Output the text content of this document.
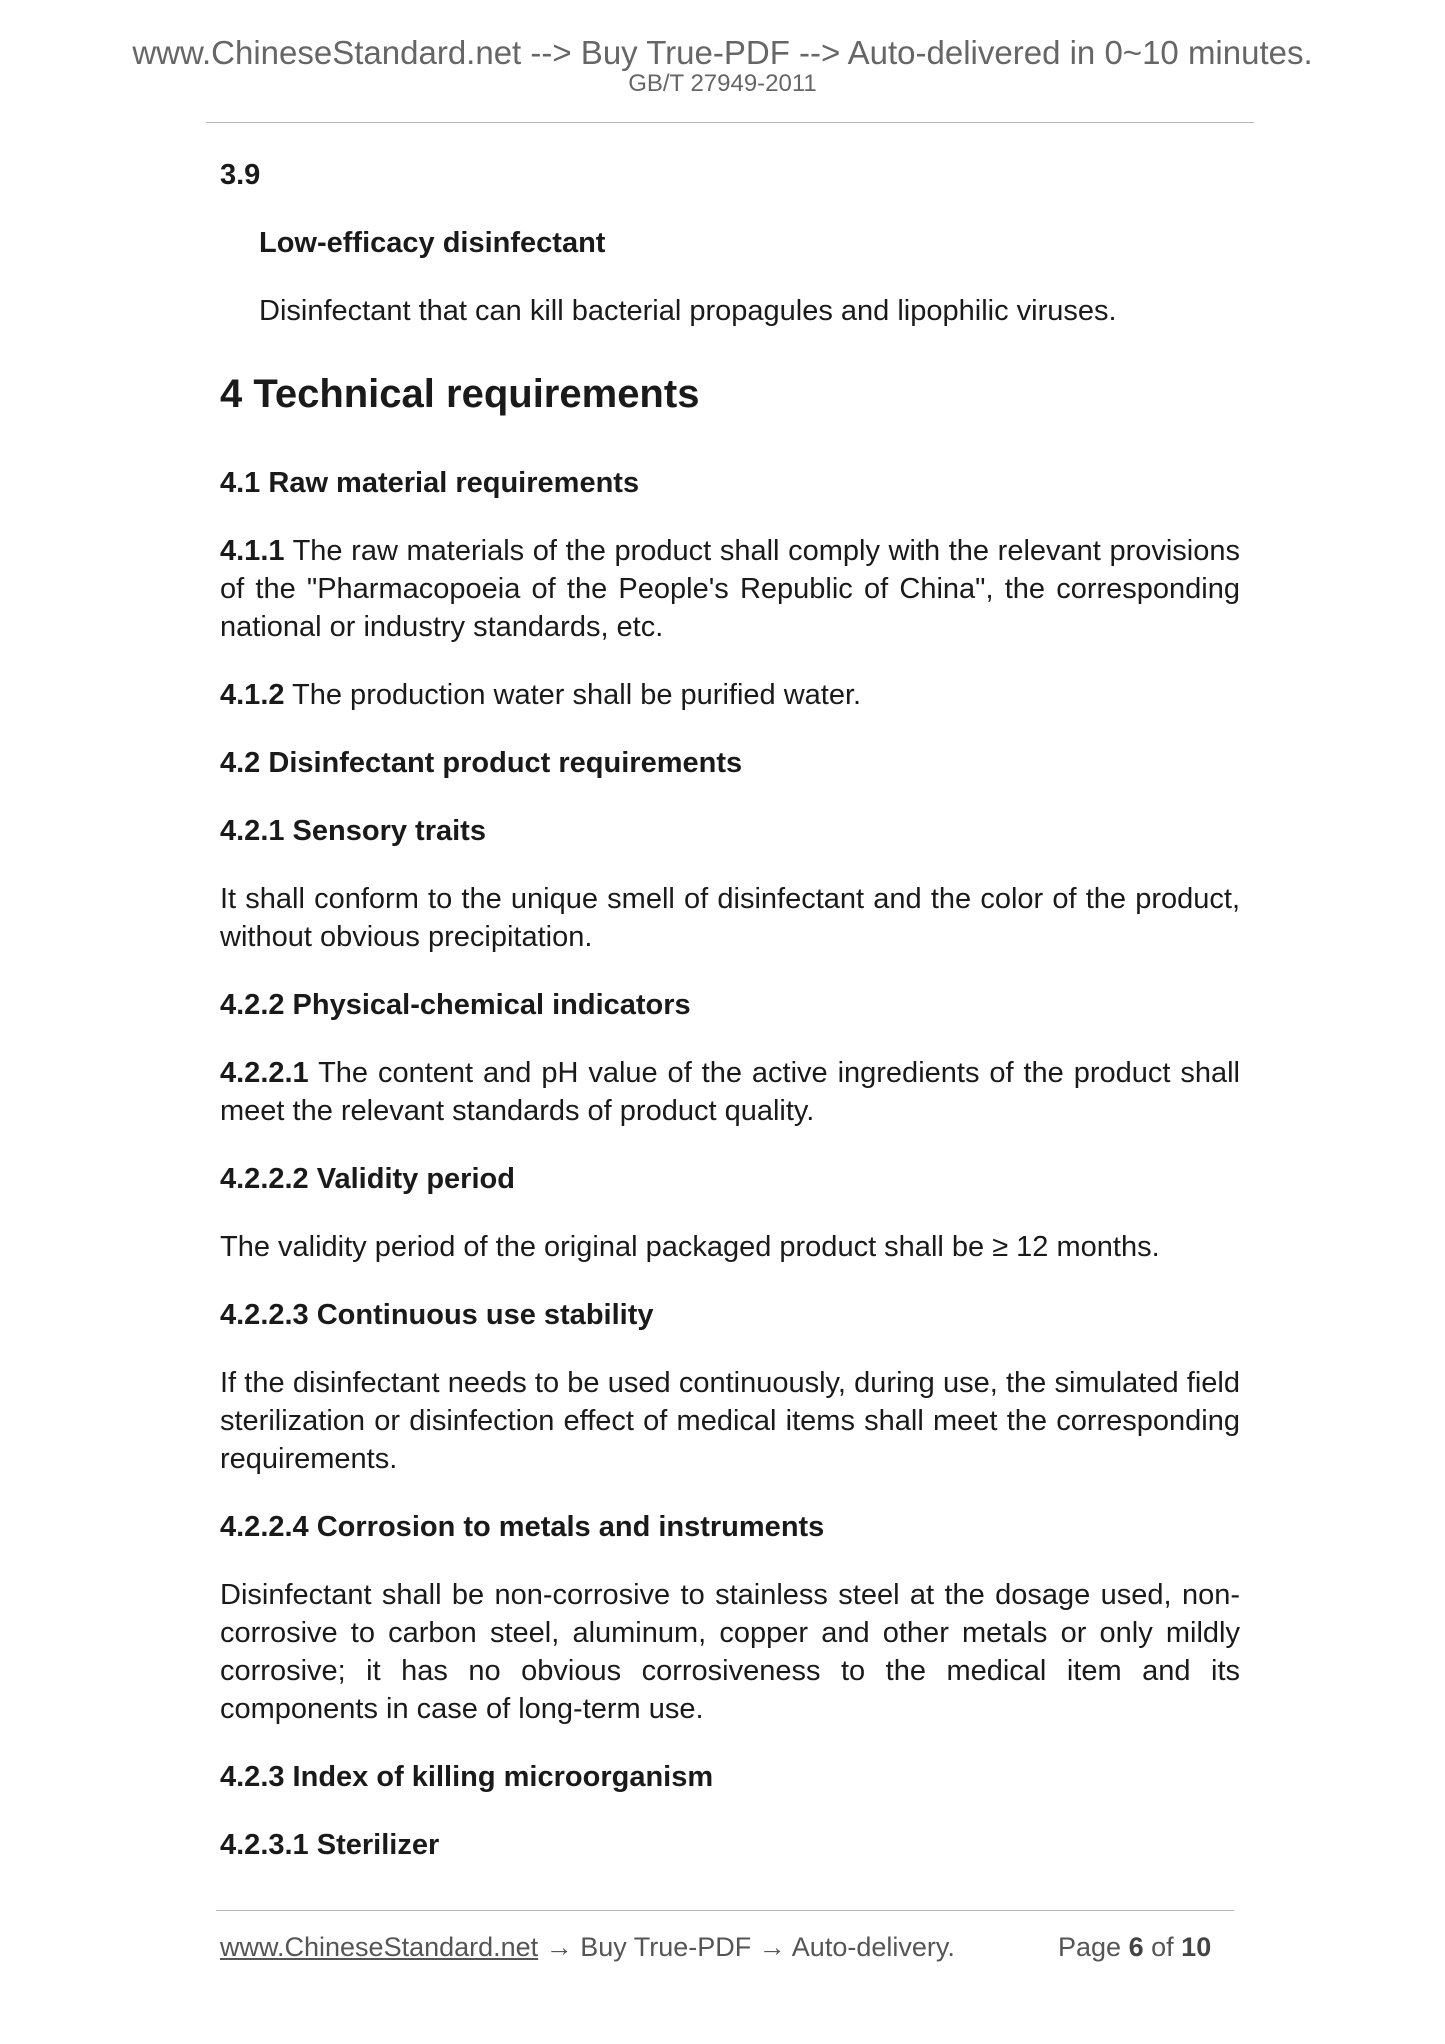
www.ChineseStandard.net --> Buy True-PDF --> Auto-delivered in 0~10 minutes.
GB/T 27949-2011
3.9
Low-efficacy disinfectant
Disinfectant that can kill bacterial propagules and lipophilic viruses.
4 Technical requirements
4.1 Raw material requirements

4.1.1 The raw materials of the product shall comply with the relevant provisions of the "Pharmacopoeia of the People's Republic of China", the corresponding national or industry standards, etc.

4.1.2 The production water shall be purified water.

4.2 Disinfectant product requirements
4.2.1 Sensory traits

It shall conform to the unique smell of disinfectant and the color of the product, without obvious precipitation.

4.2.2 Physical-chemical indicators

4.2.2.1 The content and pH value of the active ingredients of the product shall meet the relevant standards of product quality.

4.2.2.2 Validity period

The validity period of the original packaged product shall be ≥ 12 months.

4.2.2.3 Continuous use stability

If the disinfectant needs to be used continuously, during use, the simulated field sterilization or disinfection effect of medical items shall meet the corresponding requirements.

4.2.2.4 Corrosion to metals and instruments

Disinfectant shall be non-corrosive to stainless steel at the dosage used, non-corrosive to carbon steel, aluminum, copper and other metals or only mildly corrosive; it has no obvious corrosiveness to the medical item and its components in case of long-term use.

4.2.3 Index of killing microorganism
4.2.3.1 Sterilizer
www.ChineseStandard.net → Buy True-PDF → Auto-delivery.	Page 6 of 10
